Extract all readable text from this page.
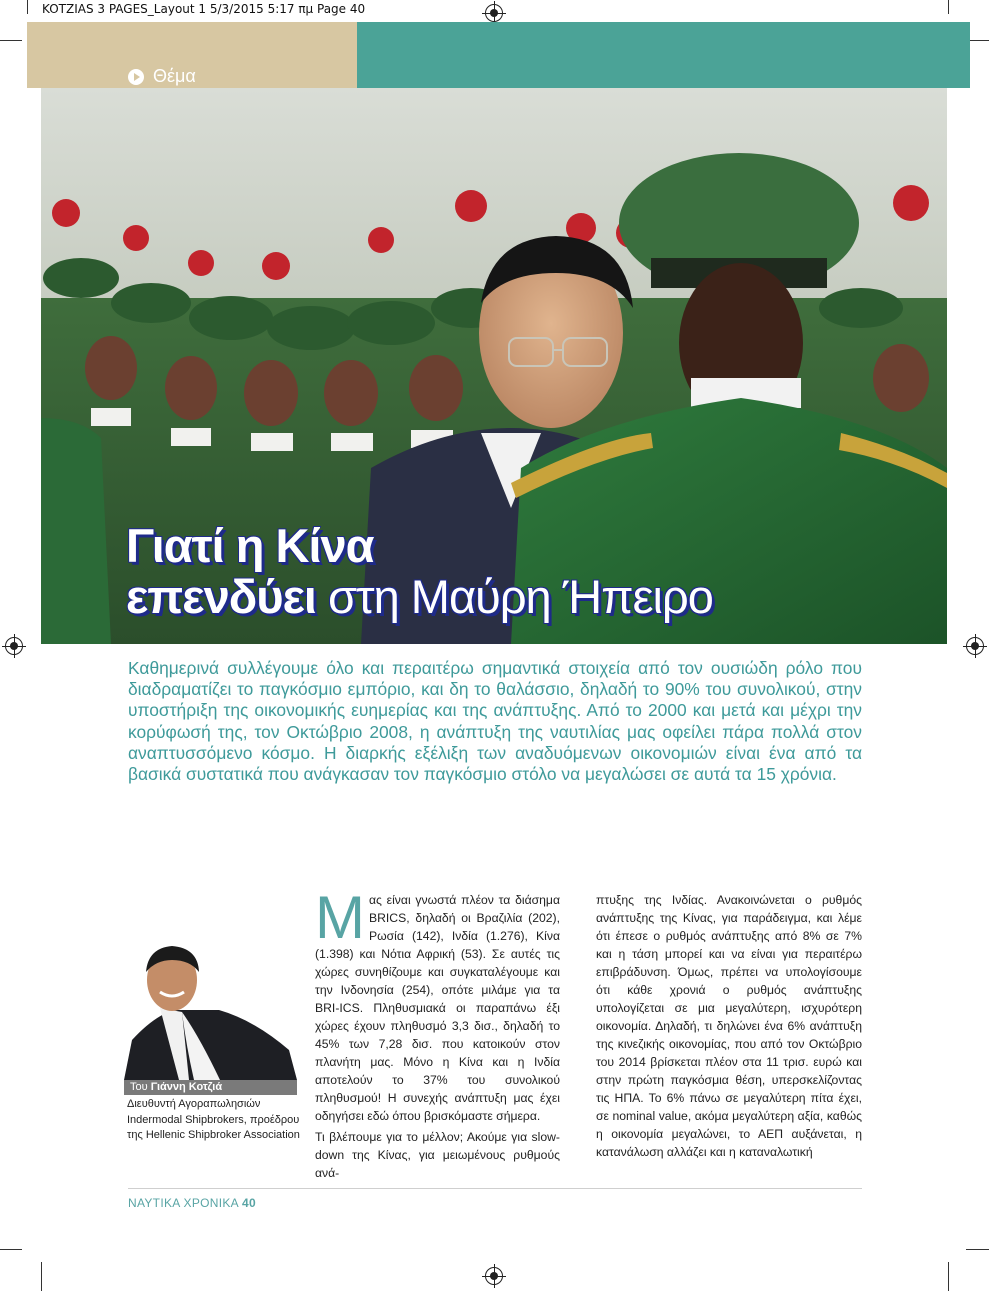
KOTZIAS 3 PAGES_Layout 1 5/3/2015 5:17 πμ Page 40
Θέμα
Γιατί η Κίνα
επενδύει στη Μαύρη Ήπειρο
Καθημερινά συλλέγουμε όλο και περαιτέρω σημαντικά στοιχεία από τον ουσιώδη ρόλο που διαδραματίζει το παγκόσμιο εμπόριο, και δη το θαλάσσιο, δηλαδή το 90% του συνολικού, στην υποστήριξη της οικονομικής ευημερίας και της ανάπτυξης. Από το 2000 και μετά και μέχρι την κορύφωσή της, τον Οκτώβριο 2008, η ανάπτυξη της ναυτιλίας μας οφείλει πάρα πολλά στον αναπτυσσόμενο κόσμο. Η διαρκής εξέλιξη των αναδυόμενων οικονομιών είναι ένα από τα βασικά συστατικά που ανάγκασαν τον παγκόσμιο στόλο να μεγαλώσει σε αυτά τα 15 χρόνια.
Του Γιάννη Κοτζιά
Διευθυντή Αγοραπωλησιών Indermodal Shipbrokers, προέδρου της Hellenic Shipbroker Association

Μας είναι γνωστά πλέον τα διάσημα BRICS, δηλαδή οι Βραζιλία (202), Ρωσία (142), Ινδία (1.276), Κίνα (1.398) και Νότια Αφρική (53). Σε αυτές τις χώρες συνηθίζουμε και συγκαταλέγουμε και την Ινδονησία (254), οπότε μιλάμε για τα BRI-ICS. Πληθυσμιακά οι παραπάνω έξι χώρες έχουν πληθυσμό 3,3 δισ., δηλαδή το 45% των 7,28 δισ. που κατοικούν στον πλανήτη μας. Μόνο η Κίνα και η Ινδία αποτελούν το 37% του συνολικού πληθυσμού! Η συνεχής ανάπτυξη μας έχει οδηγήσει εδώ όπου βρισκόμαστε σήμερα.

Τι βλέπουμε για το μέλλον; Ακούμε για slow-down της Κίνας, για μειωμένους ρυθμούς ανά-

πτυξης της Ινδίας. Ανακοινώνεται ο ρυθμός ανάπτυξης της Κίνας, για παράδειγμα, και λέμε ότι έπεσε ο ρυθμός ανάπτυξης από 8% σε 7% και η τάση μπορεί και να είναι για περαιτέρω επιβράδυνση. Όμως, πρέπει να υπολογίσουμε ότι κάθε χρονιά ο ρυθμός ανάπτυξης υπολογίζεται σε μια μεγαλύτερη, ισχυρότερη οικονομία. Δηλαδή, τι δηλώνει ένα 6% ανάπτυξη της κινεζικής οικονομίας, που από τον Οκτώβριο του 2014 βρίσκεται πλέον στα 11 τρισ. ευρώ και στην πρώτη παγκόσμια θέση, υπερσκελίζοντας τις ΗΠΑ. Το 6% πάνω σε μεγαλύτερη πίτα έχει, σε nominal value, ακόμα μεγαλύτερη αξία, καθώς η οικονομία μεγαλώνει, το ΑΕΠ αυξάνεται, η κατανάλωση αλλάζει και η καταναλωτική

ΝΑΥΤΙΚΑ ΧΡΟΝΙΚΑ 40
